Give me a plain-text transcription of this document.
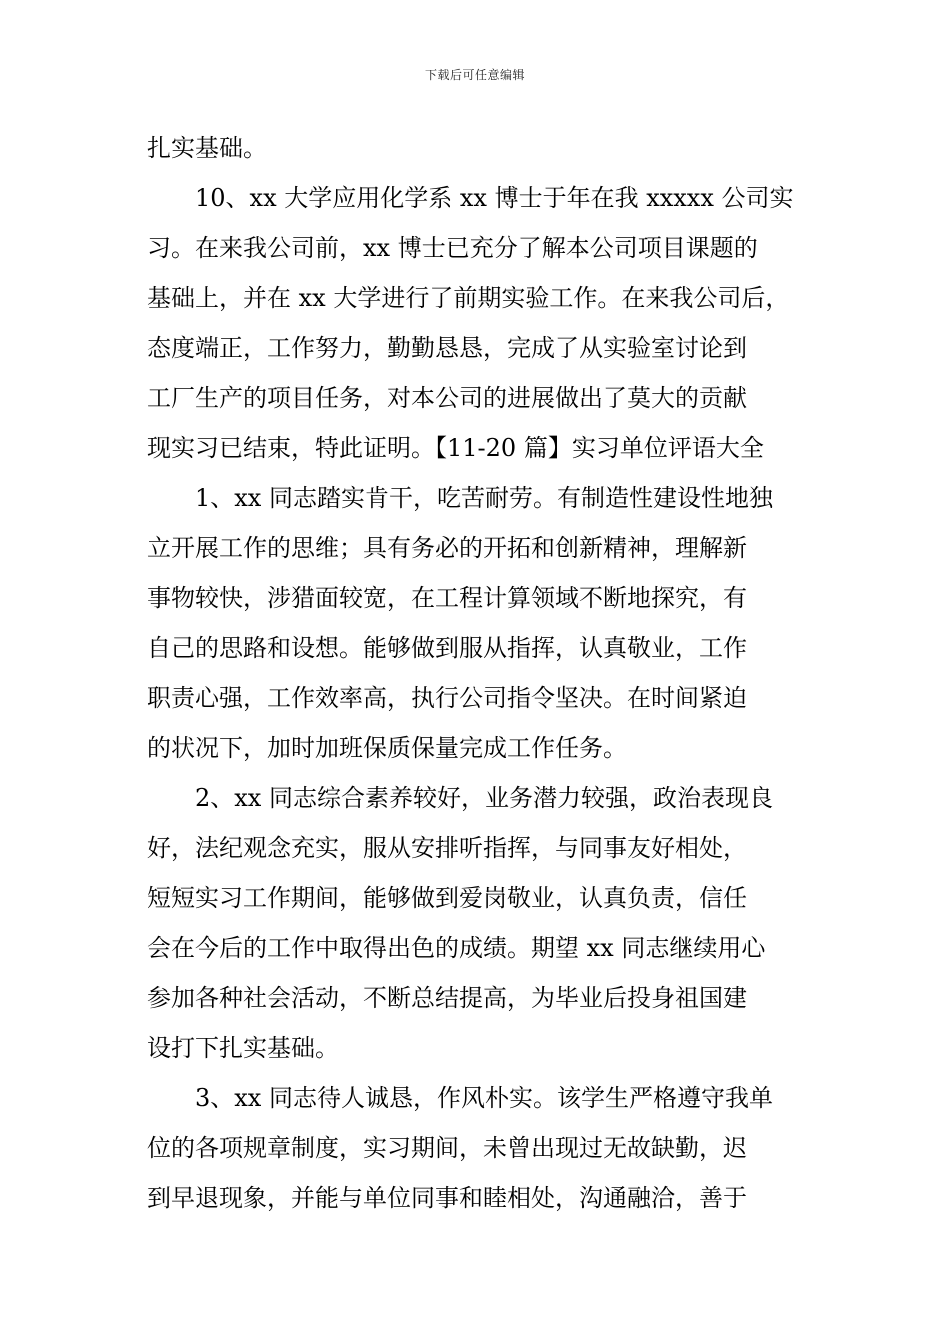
下载后可任意编辑
扎实基础。
　　10、xx 大学应用化学系 xx 博士于年在我 xxxxx 公司实
习。在来我公司前，xx 博士已充分了解本公司项目课题的
基础上，并在 xx 大学进行了前期实验工作。在来我公司后，
态度端正，工作努力，勤勤恳恳，完成了从实验室讨论到
工厂生产的项目任务，对本公司的进展做出了莫大的贡献
现实习已结束，特此证明。【11-20 篇】实习单位评语大全
　　1、xx 同志踏实肯干，吃苦耐劳。有制造性建设性地独
立开展工作的思维；具有务必的开拓和创新精神，理解新
事物较快，涉猎面较宽，在工程计算领域不断地探究，有
自己的思路和设想。能够做到服从指挥，认真敬业，工作
职责心强，工作效率高，执行公司指令坚决。在时间紧迫
的状况下，加时加班保质保量完成工作任务。
　　2、xx 同志综合素养较好，业务潜力较强，政治表现良
好，法纪观念充实，服从安排听指挥，与同事友好相处，
短短实习工作期间，能够做到爱岗敬业，认真负责，信任
会在今后的工作中取得出色的成绩。期望 xx 同志继续用心
参加各种社会活动，不断总结提高，为毕业后投身祖国建
设打下扎实基础。
　　3、xx 同志待人诚恳，作风朴实。该学生严格遵守我单
位的各项规章制度，实习期间，未曾出现过无故缺勤，迟
到早退现象，并能与单位同事和睦相处，沟通融洽，善于
